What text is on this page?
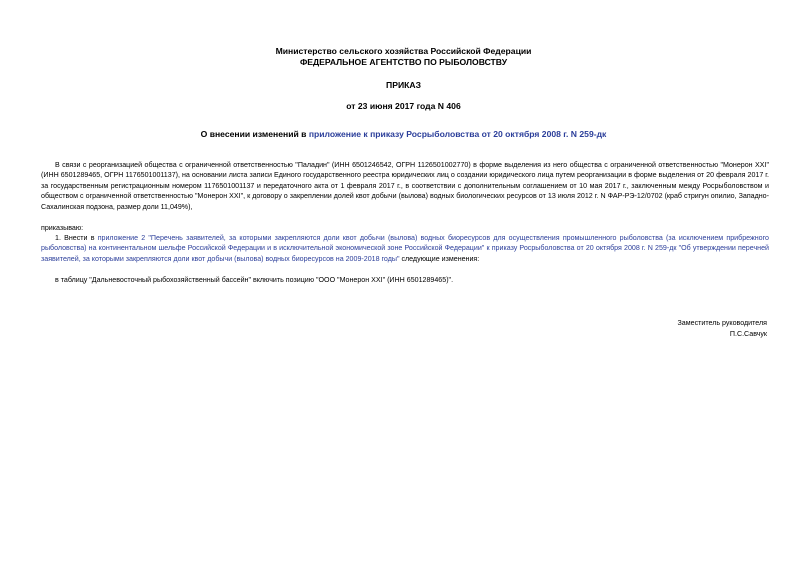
Министерство сельского хозяйства Российской Федерации
ФЕДЕРАЛЬНОЕ АГЕНТСТВО ПО РЫБОЛОВСТВУ
ПРИКАЗ
от 23 июня 2017 года N 406
О внесении изменений в приложение к приказу Росрыболовства от 20 октября 2008 г. N 259-дк
В связи с реорганизацией общества с ограниченной ответственностью "Паладин" (ИНН 6501246542, ОГРН 1126501002770) в форме выделения из него общества с ограниченной ответственностью "Монерон ХХI" (ИНН 6501289465, ОГРН 1176501001137), на основании листа записи Единого государственного реестра юридических лиц о создании юридического лица путем реорганизации в форме выделения от 20 февраля 2017 г. за государственным регистрационным номером 1176501001137 и передаточного акта от 1 февраля 2017 г., в соответствии с дополнительным соглашением от 10 мая 2017 г., заключенным между Росрыболовством и обществом с ограниченной ответственностью "Монерон ХХI", к договору о закреплении долей квот добычи (вылова) водных биологических ресурсов от 13 июля 2012 г. N ФАР-РЭ-12/0702 (краб стригун опилио, Западно-Сахалинская подзона, размер доли 11,049%),
приказываю:
1. Внести в приложение 2 "Перечень заявителей, за которыми закрепляются доли квот добычи (вылова) водных биоресурсов для осуществления промышленного рыболовства (за исключением прибрежного рыболовства) на континентальном шельфе Российской Федерации и в исключительной экономической зоне Российской Федерации" к приказу Росрыболовства от 20 октября 2008 г. N 259-дк "Об утверждении перечней заявителей, за которыми закрепляются доли квот добычи (вылова) водных биоресурсов на 2009-2018 годы" следующие изменения:
в таблицу "Дальневосточный рыбохозяйственный бассейн" включить позицию "ООО "Монерон ХХI" (ИНН 6501289465)".
Заместитель руководителя
П.С.Савчук
